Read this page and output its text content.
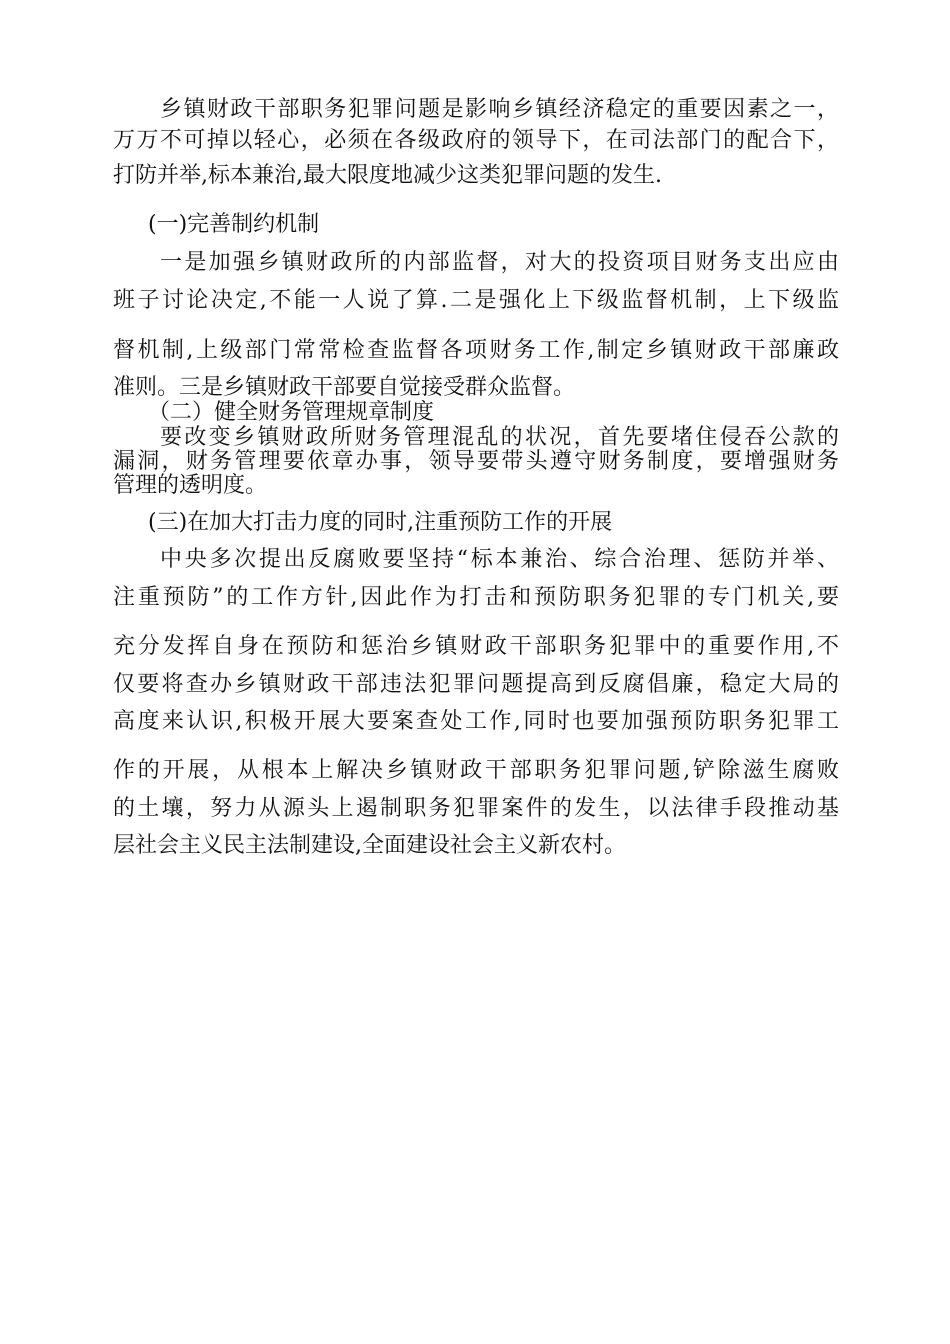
乡镇财政干部职务犯罪问题是影响乡镇经济稳定的重要因素之一，
万万不可掉以轻心，必须在各级政府的领导下，在司法部门的配合下，
打防并举,标本兼治,最大限度地减少这类犯罪问题的发生.
(一)完善制约机制
一是加强乡镇财政所的内部监督，对大的投资项目财务支出应由
班子讨论决定,不能一人说了算.二是强化上下级监督机制，上下级监
督机制,上级部门常常检查监督各项财务工作,制定乡镇财政干部廉政
准则。三是乡镇财政干部要自觉接受群众监督。
（二）健全财务管理规章制度
要改变乡镇财政所财务管理混乱的状况，首先要堵住侵吞公款的
漏洞，财务管理要依章办事，领导要带头遵守财务制度，要增强财务
管理的透明度。
(三)在加大打击力度的同时,注重预防工作的开展
中央多次提出反腐败要坚持“标本兼治、综合治理、惩防并举、
注重预防”的工作方针,因此作为打击和预防职务犯罪的专门机关,要
充分发挥自身在预防和惩治乡镇财政干部职务犯罪中的重要作用,不
仅要将查办乡镇财政干部违法犯罪问题提高到反腐倡廉，稳定大局的
高度来认识,积极开展大要案查处工作,同时也要加强预防职务犯罪工
作的开展，从根本上解决乡镇财政干部职务犯罪问题,铲除滋生腐败
的土壤，努力从源头上遏制职务犯罪案件的发生，以法律手段推动基
层社会主义民主法制建设,全面建设社会主义新农村。
